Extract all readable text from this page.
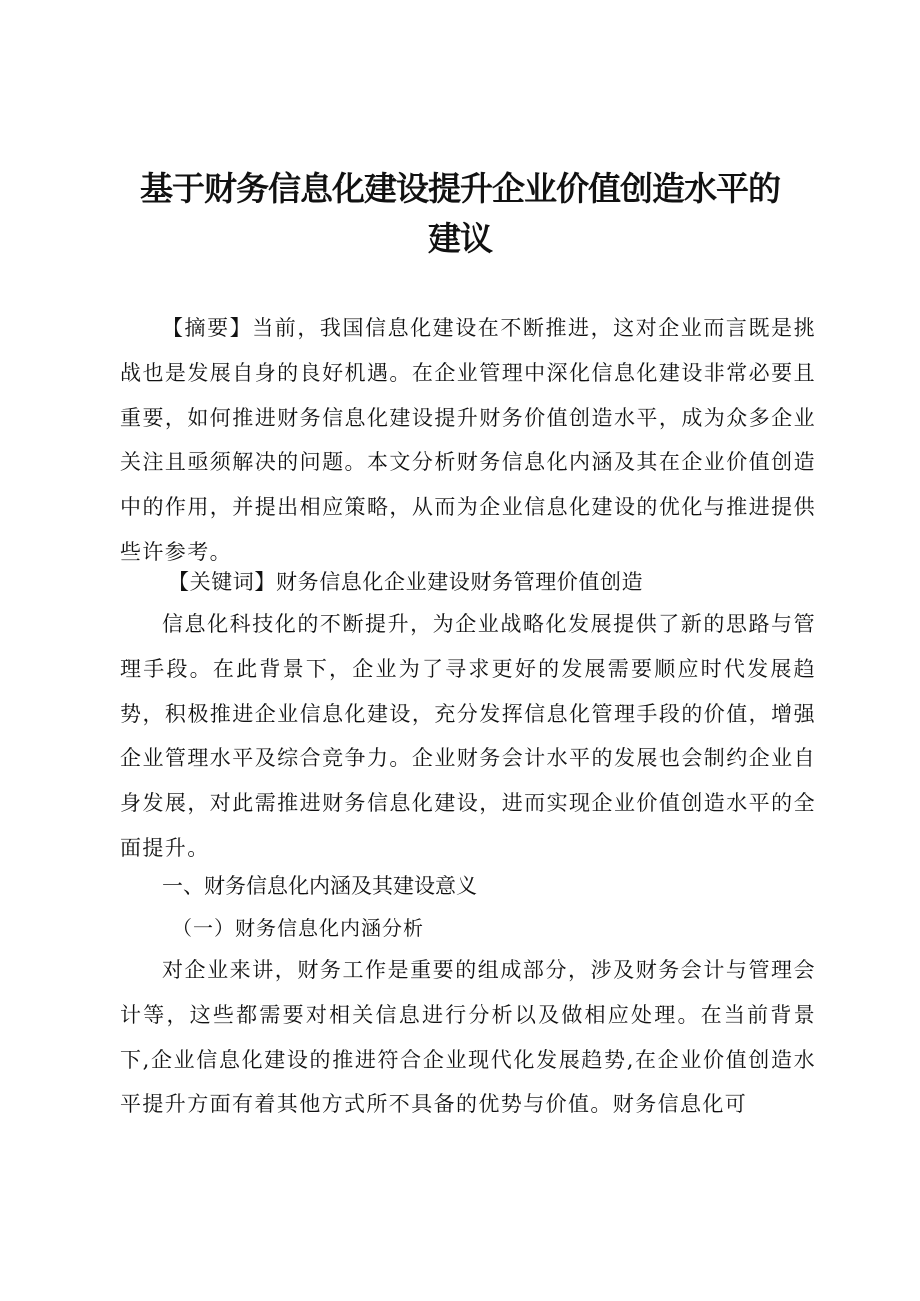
基于财务信息化建设提升企业价值创造水平的
建议

【摘要】当前，我国信息化建设在不断推进，这对企业而言既是挑战也是发展自身的良好机遇。在企业管理中深化信息化建设非常必要且重要，如何推进财务信息化建设提升财务价值创造水平，成为众多企业关注且亟须解决的问题。本文分析财务信息化内涵及其在企业价值创造中的作用，并提出相应策略，从而为企业信息化建设的优化与推进提供些许参考。

【关键词】财务信息化企业建设财务管理价值创造

信息化科技化的不断提升，为企业战略化发展提供了新的思路与管理手段。在此背景下，企业为了寻求更好的发展需要顺应时代发展趋势，积极推进企业信息化建设，充分发挥信息化管理手段的价值，增强企业管理水平及综合竞争力。企业财务会计水平的发展也会制约企业自身发展，对此需推进财务信息化建设，进而实现企业价值创造水平的全面提升。

一、财务信息化内涵及其建设意义
（一）财务信息化内涵分析

对企业来讲，财务工作是重要的组成部分，涉及财务会计与管理会计等，这些都需要对相关信息进行分析以及做相应处理。在当前背景下,企业信息化建设的推进符合企业现代化发展趋势,在企业价值创造水平提升方面有着其他方式所不具备的优势与价值。财务信息化可
